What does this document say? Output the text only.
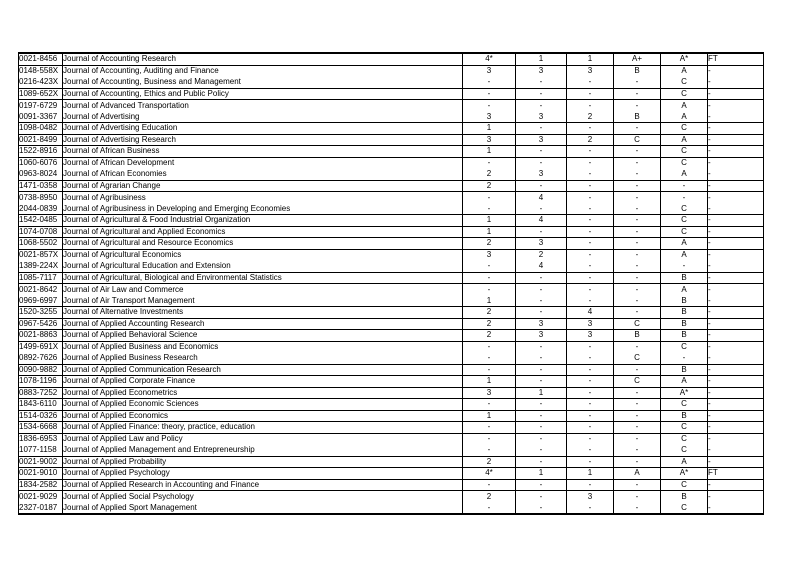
0021-8456	Journal of Accounting Research	4*	1	1	A+	A*	FT
0148-558X	Journal of Accounting, Auditing and Finance	3	3	3	B	A	-
0216-423X	Journal of Accounting, Business and Management	-	-	-	-	C	-
1089-652X	Journal of Accounting, Ethics and Public Policy	-	-	-	-	C	-
0197-6729	Journal of Advanced Transportation	-	-	-	-	A	-
0091-3367	Journal of Advertising	3	3	2	B	A	-
1098-0482	Journal of Advertising Education	1	-	-	-	C	-
0021-8499	Journal of Advertising Research	3	3	2	C	A	-
1522-8916	Journal of African Business	1	-	-	-	C	-
1060-6076	Journal of African Development	-	-	-	-	C	-
0963-8024	Journal of African Economies	2	3	-	-	A	-
1471-0358	Journal of Agrarian Change	2	-	-	-	-	-
0738-8950	Journal of Agribusiness	-	4	-	-	-	-
2044-0839	Journal of Agribusiness in Developing and Emerging Economies	-	-	-	-	C	-
1542-0485	Journal of Agricultural & Food Industrial Organization	1	4	-	-	C	-
1074-0708	Journal of Agricultural and Applied Economics	1	-	-	-	C	-
1068-5502	Journal of Agricultural and Resource Economics	2	3	-	-	A	-
0021-857X	Journal of Agricultural Economics	3	2	-	-	A	-
1389-224X	Journal of Agricultural Education and Extension	-	4	-	-	-	-
1085-7117	Journal of Agricultural, Biological and Environmental Statistics	-	-	-	-	B	-
0021-8642	Journal of Air Law and Commerce	-	-	-	-	A	-
0969-6997	Journal of Air Transport Management	1	-	-	-	B	-
1520-3255	Journal of Alternative Investments	2	-	4	-	B	-
0967-5426	Journal of Applied Accounting Research	2	3	3	C	B	-
0021-8863	Journal of Applied Behavioral Science	2	3	3	B	B	-
1499-691X	Journal of Applied Business and Economics	-	-	-	-	C	-
0892-7626	Journal of Applied Business Research	-	-	-	C	-	-
0090-9882	Journal of Applied Communication Research	-	-	-	-	B	-
1078-1196	Journal of Applied Corporate Finance	1	-	-	C	A	-
0883-7252	Journal of Applied Econometrics	3	1	-	-	A*	-
1843-6110	Journal of Applied Economic Sciences	-	-	-	-	C	-
1514-0326	Journal of Applied Economics	1	-	-	-	B	-
1534-6668	Journal of Applied Finance: theory, practice, education	-	-	-	-	C	-
1836-6953	Journal of Applied Law and Policy	-	-	-	-	C	-
1077-1158	Journal of Applied Management and Entrepreneurship	-	-	-	-	C	-
0021-9002	Journal of Applied Probability	2	-	-	-	A	-
0021-9010	Journal of Applied Psychology	4*	1	1	A	A*	FT
1834-2582	Journal of Applied Research in Accounting and Finance	-	-	-	-	C	-
0021-9029	Journal of Applied Social Psychology	2	-	3	-	B	-
2327-0187	Journal of Applied Sport Management	-	-	-	-	C	-
